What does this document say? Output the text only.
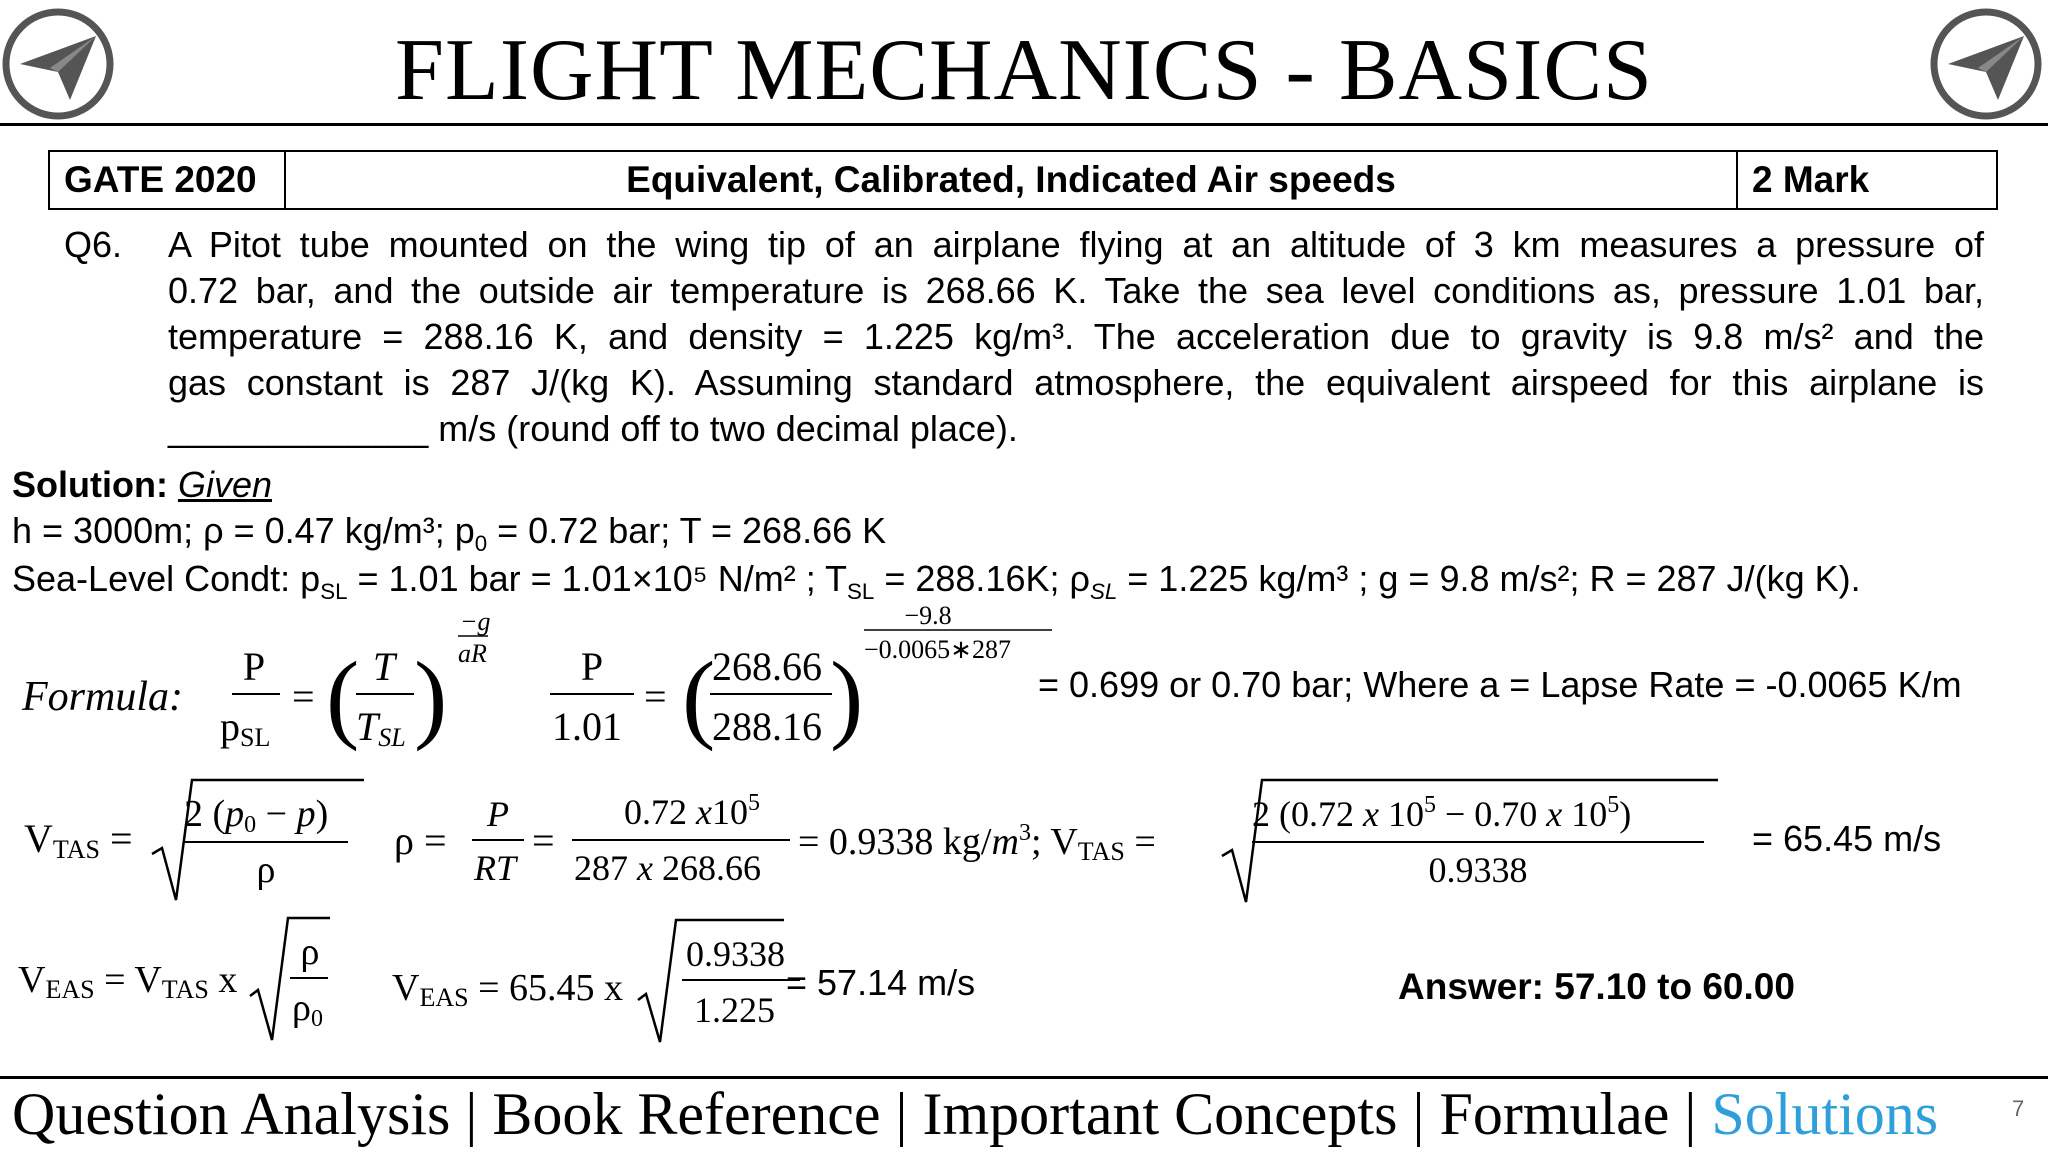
FLIGHT MECHANICS - BASICS
GATE 2020	Equivalent, Calibrated, Indicated Air speeds	2 Mark
Q6. A Pitot tube mounted on the wing tip of an airplane flying at an altitude of 3 km measures a pressure of
0.72 bar, and the outside air temperature is 268.66 K. Take the sea level conditions as, pressure 1.01 bar,
temperature = 288.16 K, and density = 1.225 kg/m³. The acceleration due to gravity is 9.8 m/s² and the
gas constant is 287 J/(kg K). Assuming standard atmosphere, the equivalent airspeed for this airplane is
_____________ m/s (round off to two decimal place).
Solution: Given
h = 3000m; ρ = 0.47 kg/m³; $p_0 = 0.72$ bar; T = 268.66 K
Sea-Level Condt: $p_{SL} = 1.01$ bar = 1.01×10⁵ N/m² ; $T_{SL} = 288.16K$; $\rho_{SL} = 1.225$ kg/m³ ; g = 9.8 m/s²; R = 287 J/(kg K).
Formula:
P
pSL
= ( T
TSL )
−g
aR P
1.01
= (
268.66
288.16 )
−9.8
−0.0065∗287
= 0.699 or 0.70 bar; Where a = Lapse Rate = -0.0065 K/m
VTAS =
2 (p0 − p)
ρ
ρ =
P
RT
=
0.72 $x10^5$
287 x 268.66
= 0.9338 $kg/m^3$; VTAS =
2 (0.72 x $10^5 - 0.70$ x $10^5$)
0.9338
= 65.45 m/s
VEAS = VTAS x
ρ
ρ0
VEAS = 65.45 x
0.9338
1.225
= 57.14 m/s	Answer: 57.10 to 60.00
Question Analysis | Book Reference | Important Concepts | Formulae | Solutions	7
